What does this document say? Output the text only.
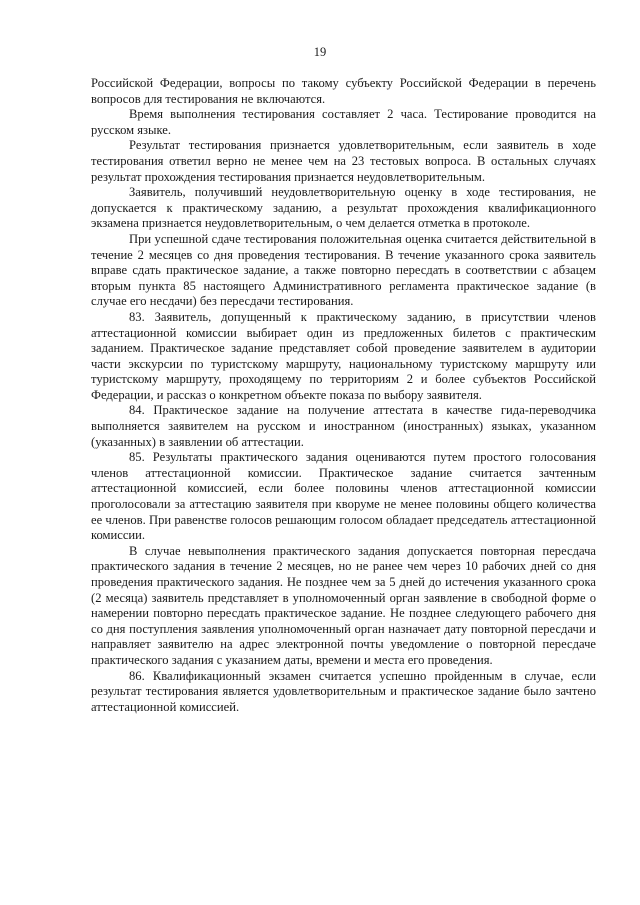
19

Российской Федерации, вопросы по такому субъекту Российской Федерации в перечень вопросов для тестирования не включаются.

Время выполнения тестирования составляет 2 часа. Тестирование проводится на русском языке.

Результат тестирования признается удовлетворительным, если заявитель в ходе тестирования ответил верно не менее чем на 23 тестовых вопроса. В остальных случаях результат прохождения тестирования признается неудовлетворительным.

Заявитель, получивший неудовлетворительную оценку в ходе тестирования, не допускается к практическому заданию, а результат прохождения квалификационного экзамена признается неудовлетворительным, о чем делается отметка в протоколе.

При успешной сдаче тестирования положительная оценка считается действительной в течение 2 месяцев со дня проведения тестирования. В течение указанного срока заявитель вправе сдать практическое задание, а также повторно пересдать в соответствии с абзацем вторым пункта 85 настоящего Административного регламента практическое задание (в случае его несдачи) без пересдачи тестирования.

83. Заявитель, допущенный к практическому заданию, в присутствии членов аттестационной комиссии выбирает один из предложенных билетов с практическим заданием. Практическое задание представляет собой проведение заявителем в аудитории части экскурсии по туристскому маршруту, национальному туристскому маршруту или туристскому маршруту, проходящему по территориям 2 и более субъектов Российской Федерации, и рассказ о конкретном объекте показа по выбору заявителя.

84. Практическое задание на получение аттестата в качестве гида-переводчика выполняется заявителем на русском и иностранном (иностранных) языках, указанном (указанных) в заявлении об аттестации.

85. Результаты практического задания оцениваются путем простого голосования членов аттестационной комиссии. Практическое задание считается зачтенным аттестационной комиссией, если более половины членов аттестационной комиссии проголосовали за аттестацию заявителя при кворуме не менее половины общего количества ее членов. При равенстве голосов решающим голосом обладает председатель аттестационной комиссии.

В случае невыполнения практического задания допускается повторная пересдача практического задания в течение 2 месяцев, но не ранее чем через 10 рабочих дней со дня проведения практического задания. Не позднее чем за 5 дней до истечения указанного срока (2 месяца) заявитель представляет в уполномоченный орган заявление в свободной форме о намерении повторно пересдать практическое задание. Не позднее следующего рабочего дня со дня поступления заявления уполномоченный орган назначает дату повторной пересдачи и направляет заявителю на адрес электронной почты уведомление о повторной пересдаче практического задания с указанием даты, времени и места его проведения.

86. Квалификационный экзамен считается успешно пройденным в случае, если результат тестирования является удовлетворительным и практическое задание было зачтено аттестационной комиссией.
